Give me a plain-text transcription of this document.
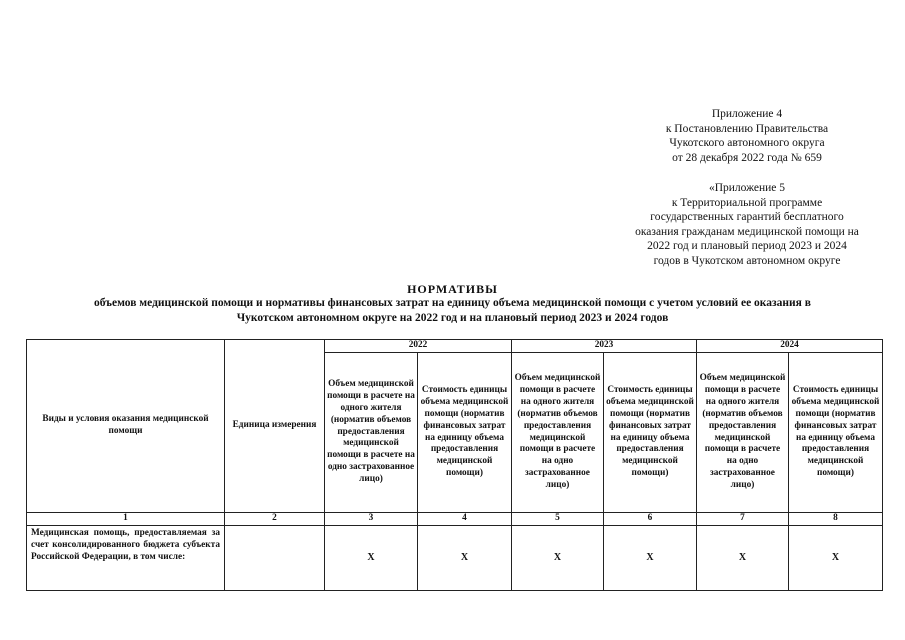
Приложение 4
к Постановлению Правительства
Чукотского автономного округа
от 28 декабря 2022 года № 659
«Приложение 5
к Территориальной программе
государственных гарантий бесплатного
оказания гражданам медицинской помощи на
2022 год и плановый период 2023 и 2024
годов в Чукотском автономном округе
НОРМАТИВЫ
объемов медицинской помощи и нормативы финансовых затрат на единицу объема медицинской помощи с учетом условий ее оказания в
Чукотском автономном округе на 2022 год и на плановый период 2023 и 2024 годов
Виды и условия оказания медицинской помощи	Единица измерения	2022		2023		2024	
		Объем медицинской помощи в расчете на одного жителя (норматив объемов предоставления медицинской помощи в расчете на одно застрахованное лицо)	Стоимость единицы объема медицинской помощи (норматив финансовых затрат на единицу объема предоставления медицинской помощи)	Объем медицинской помощи в расчете на одного жителя (норматив объемов предоставления медицинской помощи в расчете на одно застрахованное лицо)	Стоимость единицы объема медицинской помощи (норматив финансовых затрат на единицу объема предоставления медицинской помощи)	Объем медицинской помощи в расчете на одного жителя (норматив объемов предоставления медицинской помощи в расчете на одно застрахованное лицо)	Стоимость единицы объема медицинской помощи (норматив финансовых затрат на единицу объема предоставления медицинской помощи)
1	2	3	4	5	6	7	8
Медицинская помощь, предоставляемая за счет консолидированного бюджета субъекта Российской Федерации, в том числе:		Х	Х	Х	Х	Х	Х
